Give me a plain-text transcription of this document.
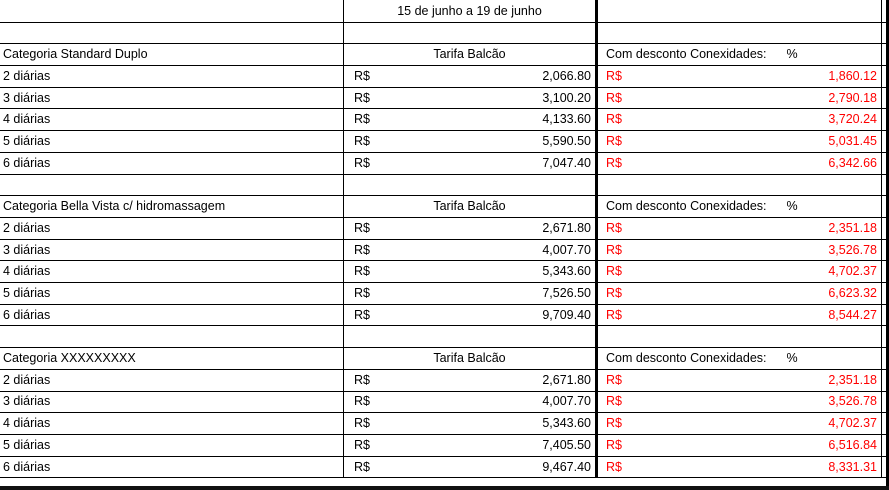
15 de junho a 19 de junho
Categoria Standard Duplo	Tarifa Balcão	Com desconto Conexidades: %
2 diárias	R$	2,066.80 R$	1,860.12
3 diárias	R$	3,100.20 R$	2,790.18
4 diárias	R$	4,133.60 R$	3,720.24
5 diárias	R$	5,590.50 R$	5,031.45
6 diárias	R$	7,047.40 R$	6,342.66
Categoria Bella Vista c/ hidromassagem	Tarifa Balcão	Com desconto Conexidades: %
2 diárias	R$	2,671.80 R$	2,351.18
3 diárias	R$	4,007.70 R$	3,526.78
4 diárias	R$	5,343.60 R$	4,702.37
5 diárias	R$	7,526.50 R$	6,623.32
6 diárias	R$	9,709.40 R$	8,544.27
Categoria XXXXXXXXX	Tarifa Balcão	Com desconto Conexidades: %
2 diárias	R$	2,671.80 R$	2,351.18
3 diárias	R$	4,007.70 R$	3,526.78
4 diárias	R$	5,343.60 R$	4,702.37
5 diárias	R$	7,405.50 R$	6,516.84
6 diárias	R$	9,467.40 R$	8,331.31
